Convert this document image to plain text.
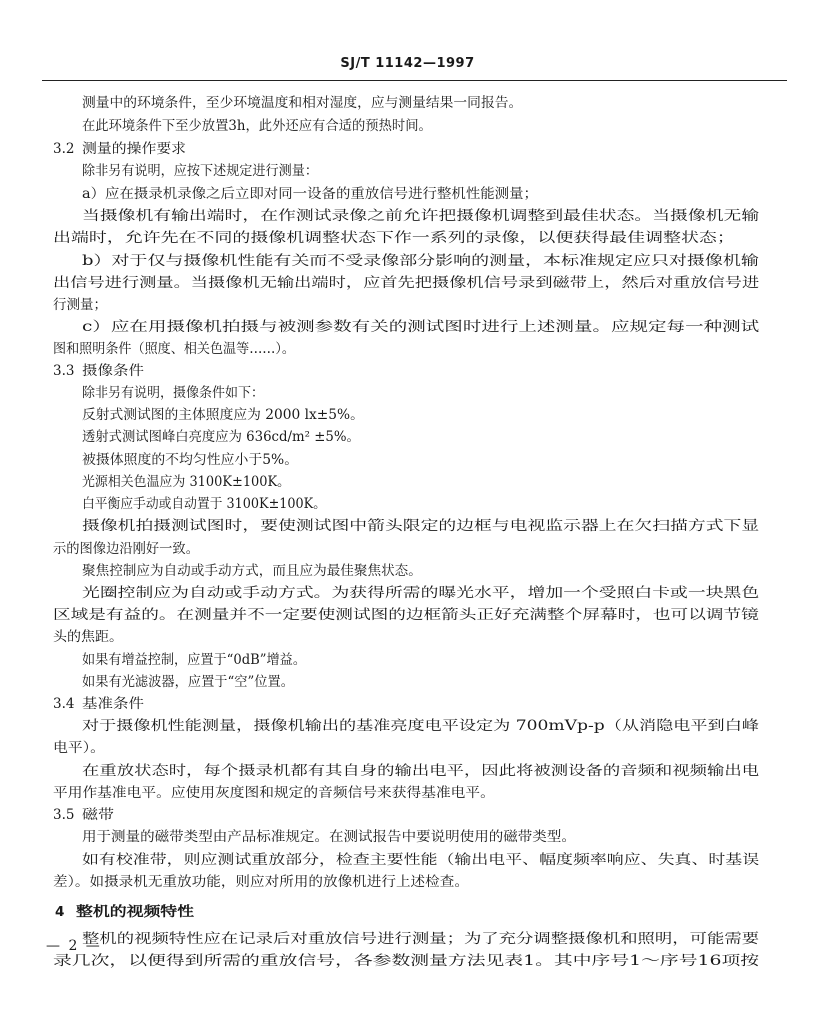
SJ/T 11142—1997
测量中的环境条件，至少环境温度和相对湿度，应与测量结果一同报告。
在此环境条件下至少放置3h，此外还应有合适的预热时间。
3.2 测量的操作要求
除非另有说明，应按下述规定进行测量：
a）应在摄录机录像之后立即对同一设备的重放信号进行整机性能测量；
当摄像机有输出端时，在作测试录像之前允许把摄像机调整到最佳状态。当摄像机无输
出端时，允许先在不同的摄像机调整状态下作一系列的录像，以便获得最佳调整状态；
b）对于仅与摄像机性能有关而不受录像部分影响的测量，本标准规定应只对摄像机输
出信号进行测量。当摄像机无输出端时，应首先把摄像机信号录到磁带上，然后对重放信号进
行测量；
c）应在用摄像机拍摄与被测参数有关的测试图时进行上述测量。应规定每一种测试
图和照明条件（照度、相关色温等……）。
3.3 摄像条件
除非另有说明，摄像条件如下：
反射式测试图的主体照度应为 2000 lx±5%。
透射式测试图峰白亮度应为 636cd/m² ±5%。
被摄体照度的不均匀性应小于5%。
光源相关色温应为 3100K±100K。
白平衡应手动或自动置于 3100K±100K。
摄像机拍摄测试图时，要使测试图中箭头限定的边框与电视监示器上在欠扫描方式下显
示的图像边沿刚好一致。
聚焦控制应为自动或手动方式，而且应为最佳聚焦状态。
光圈控制应为自动或手动方式。为获得所需的曝光水平，增加一个受照白卡或一块黑色
区域是有益的。在测量并不一定要使测试图的边框箭头正好充满整个屏幕时，也可以调节镜
头的焦距。
如果有增益控制，应置于“0dB”增益。
如果有光滤波器，应置于“空”位置。
3.4 基准条件
对于摄像机性能测量，摄像机输出的基准亮度电平设定为 700mVp-p（从消隐电平到白峰
电平）。
在重放状态时，每个摄录机都有其自身的输出电平，因此将被测设备的音频和视频输出电
平用作基准电平。应使用灰度图和规定的音频信号来获得基准电平。
3.5 磁带
用于测量的磁带类型由产品标准规定。在测试报告中要说明使用的磁带类型。
如有校准带，则应测试重放部分，检查主要性能（输出电平、幅度频率响应、失真、时基误
差）。如摄录机无重放功能，则应对所用的放像机进行上述检查。
4 整机的视频特性
整机的视频特性应在记录后对重放信号进行测量；为了充分调整摄像机和照明，可能需要
录几次，以便得到所需的重放信号，各参数测量方法见表1。其中序号1～序号16项按
— 2 —
